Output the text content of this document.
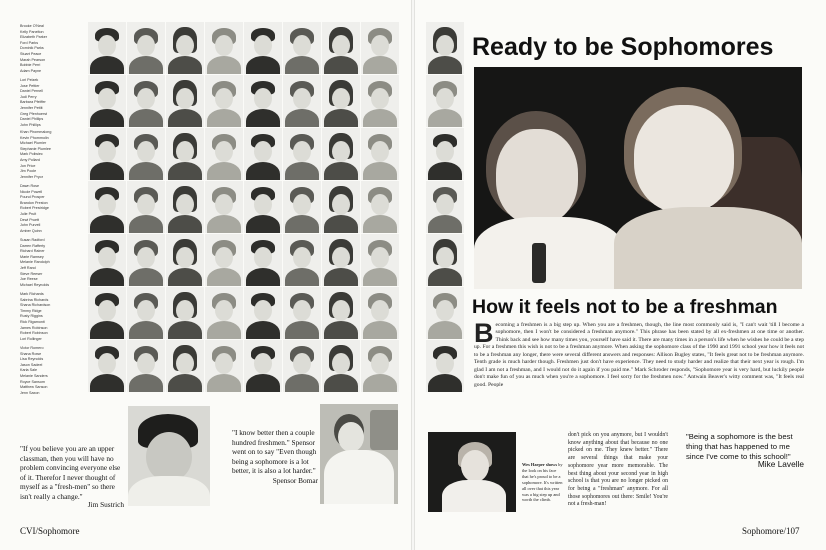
Brooke O'Neal
Kelly Panelton
Elizabeth Parker
Ford Parks
Dominik Parks
Stuart Peace
Marah Pearson
Bobbie Perri
Adam Payne
Lori Pelzek
Jose Pettier
Daniel Pernell
Judi Perry
Barbara Pfeiffer
Jennifer Pettit
Greg Pfenhoerst
Daniel Phillips
John Phillips
Khan Phommalong
Kevin Phommolin
Michael Plumier
Stephanie Plumlee
Mark Poliwiec
Amy Pollard
Jon Price
Jim Poole
Jennifer Pryor
Dawn Rose
Nicole Powell
Pound Prosper
Brandon Preston
Robert Prestridge
Julie Pruit
Dewi Pruett
John Purvell
Amber Quinn
Susan Radford
Darren Rafferty
Richard Rainer
Marie Ramsey
Melanie Randolph
Jeff Rand
Steve Reeser
Joe Reese
Michael Reynolds
Mark Richards
Sabrina Richards
Shana Richardson
Timmy Ridge
Rusty Riggins
Rick Rigamonti
James Robinson
Robert Robinson
Lori Rollinger
Victor Romero
Shana Rowe
Lisa Reynolds
Jason Sadeel
Karla Sale
Melanie Sanders
Royce Sansom
Matthew Sanson
Jenn Saxon
"If you believe you are an upper classman, then you will have no problem convincing everyone else of it. Therefor I never thought of myself as a "fresh-men" so there isn't really a change."
Jim Sustrich
"I know better then a couple hundred freshmen." Spensor went on to say "Even though being a sophomore is a lot better, it is also a lot harder."
Spensor Bomar
CVI/Sophomore
Ready to be Sophomores
How it feels not to be a freshman
Becoming a freshmen is a big step up. When you are a freshmen, though, the line most commonly said is, "I can't wait 'till I become a sophomore, then I won't be considered a freshman anymore." This phrase has been stated by all ex-freshmen at one time or another. Think back and see how many times you, yourself have said it. There are many times in a person's life when he wishes he could be a step up. For a freshmen this wish is not to be a freshman anymore. When asking the sophomore class of the 1990 and 1991 school year how it feels not to be a freshman any longer, there were several different answers and responses: Allison Bugley states, "It feels great not to be freshman anymore. Tenth grade is much harder though. Freshmen just don't have experience. They need to study harder and realize that their next year is rough. I'm glad I am not a freshman, and I would not do it again if you paid me." Mark Schroder responds, "Sophomore year is very hard, but luckily people don't make fun of you as much when you're a sophomore. I feel sorry for the freshmen now." Antwain Beaver's witty comment was, "It feels real good. People
Wes Harper shows by the look on his face that he's proud to be a sophomore. It's written all over that this year was a big step up and worth the climb.
don't pick on you anymore, but I wouldn't know anything about that because no one picked on me. They knew better." There are several things that make your sophomore year more memorable. The best thing about your second year in high school is that you are no longer picked on for being a "freshman" anymore. For all those sophomores out there: Smile! You're not a fresh-man!
"Being a sophomore is the best thing that has happened to me since I've come to this school!"
Mike Lavelle
Sophomore/107
